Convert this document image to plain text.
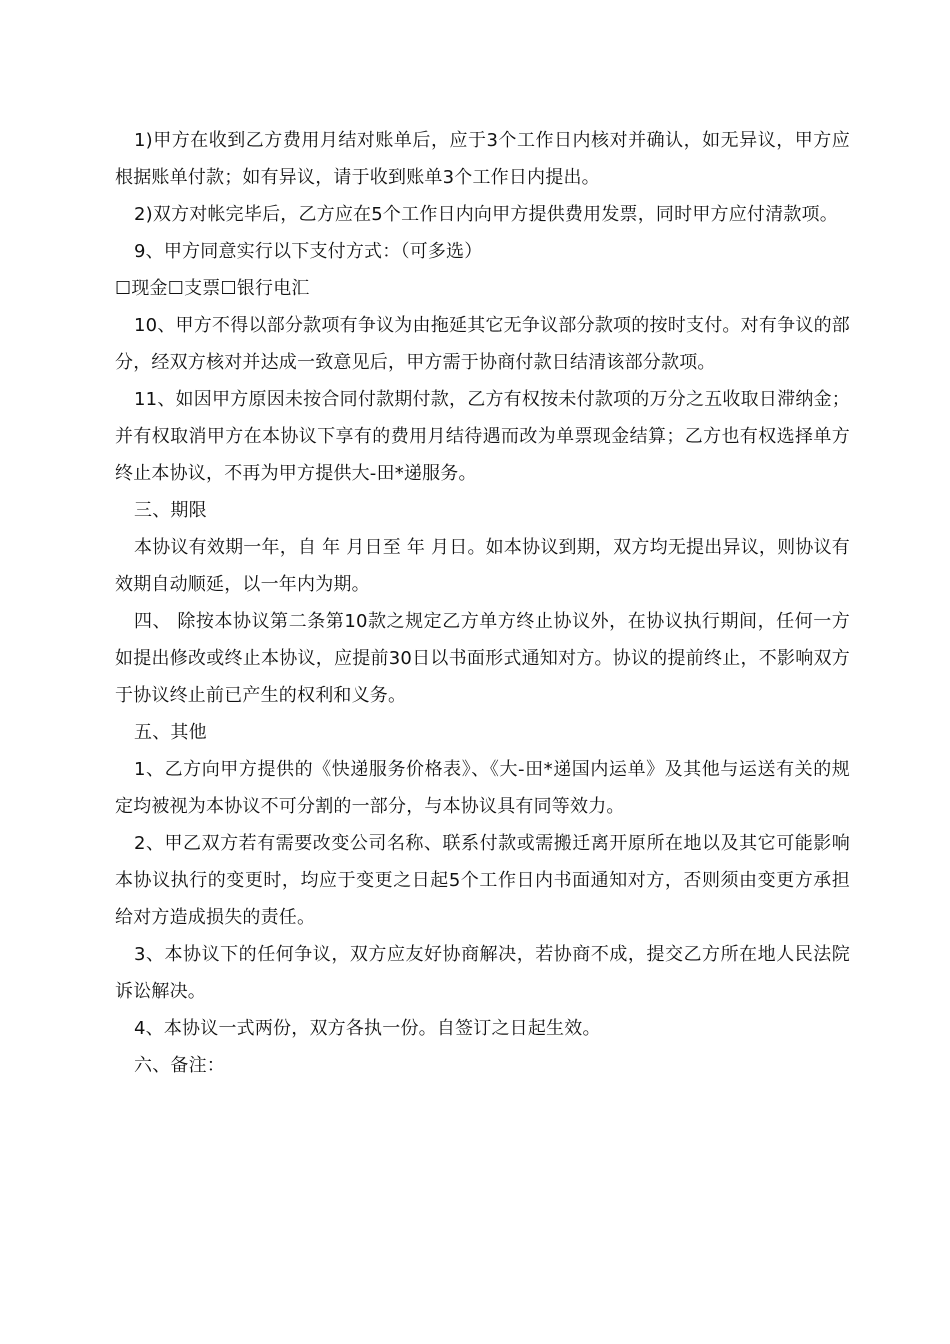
1)甲方在收到乙方费用月结对账单后，应于3个工作日内核对并确认，如无异议，甲方应根据账单付款；如有异议，请于收到账单3个工作日内提出。

2)双方对帐完毕后，乙方应在5个工作日内向甲方提供费用发票，同时甲方应付清款项。

9、甲方同意实行以下支付方式：（可多选）

☐现金☐支票☐银行电汇

10、甲方不得以部分款项有争议为由拖延其它无争议部分款项的按时支付。对有争议的部分，经双方核对并达成一致意见后，甲方需于协商付款日结清该部分款项。

11、如因甲方原因未按合同付款期付款，乙方有权按未付款项的万分之五收取日滞纳金；并有权取消甲方在本协议下享有的费用月结待遇而改为单票现金结算；乙方也有权选择单方终止本协议，不再为甲方提供大-田*递服务。

三、期限

本协议有效期一年，自 年 月日至 年 月日。如本协议到期，双方均无提出异议，则协议有效期自动顺延，以一年内为期。

四、 除按本协议第二条第10款之规定乙方单方终止协议外，在协议执行期间，任何一方如提出修改或终止本协议，应提前30日以书面形式通知对方。协议的提前终止，不影响双方于协议终止前已产生的权利和义务。

五、其他

1、乙方向甲方提供的《快递服务价格表》、《大-田*递国内运单》及其他与运送有关的规定均被视为本协议不可分割的一部分，与本协议具有同等效力。

2、甲乙双方若有需要改变公司名称、联系付款或需搬迁离开原所在地以及其它可能影响本协议执行的变更时，均应于变更之日起5个工作日内书面通知对方，否则须由变更方承担给对方造成损失的责任。

3、本协议下的任何争议，双方应友好协商解决，若协商不成，提交乙方所在地人民法院诉讼解决。

4、本协议一式两份，双方各执一份。自签订之日起生效。

六、备注：
